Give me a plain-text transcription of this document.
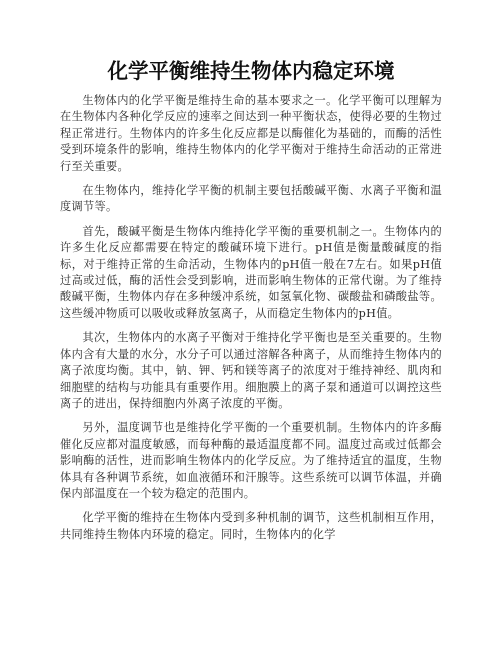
化学平衡维持生物体内稳定环境

生物体内的化学平衡是维持生命的基本要求之一。化学平衡可以理解为在生物体内各种化学反应的速率之间达到一种平衡状态，使得必要的生物过程正常进行。生物体内的许多生化反应都是以酶催化为基础的，而酶的活性受到环境条件的影响，维持生物体内的化学平衡对于维持生命活动的正常进行至关重要。

在生物体内，维持化学平衡的机制主要包括酸碱平衡、水离子平衡和温度调节等。

首先，酸碱平衡是生物体内维持化学平衡的重要机制之一。生物体内的许多生化反应都需要在特定的酸碱环境下进行。pH值是衡量酸碱度的指标，对于维持正常的生命活动，生物体内的pH值一般在7左右。如果pH值过高或过低，酶的活性会受到影响，进而影响生物体的正常代谢。为了维持酸碱平衡，生物体内存在多种缓冲系统，如氢氧化物、碳酸盐和磷酸盐等。这些缓冲物质可以吸收或释放氢离子，从而稳定生物体内的pH值。

其次，生物体内的水离子平衡对于维持化学平衡也是至关重要的。生物体内含有大量的水分，水分子可以通过溶解各种离子，从而维持生物体内的离子浓度均衡。其中，钠、钾、钙和镁等离子的浓度对于维持神经、肌肉和细胞壁的结构与功能具有重要作用。细胞膜上的离子泵和通道可以调控这些离子的进出，保持细胞内外离子浓度的平衡。

另外，温度调节也是维持化学平衡的一个重要机制。生物体内的许多酶催化反应都对温度敏感，而每种酶的最适温度都不同。温度过高或过低都会影响酶的活性，进而影响生物体内的化学反应。为了维持适宜的温度，生物体具有各种调节系统，如血液循环和汗腺等。这些系统可以调节体温，并确保内部温度在一个较为稳定的范围内。

化学平衡的维持在生物体内受到多种机制的调节，这些机制相互作用，共同维持生物体内环境的稳定。同时，生物体内的化学
